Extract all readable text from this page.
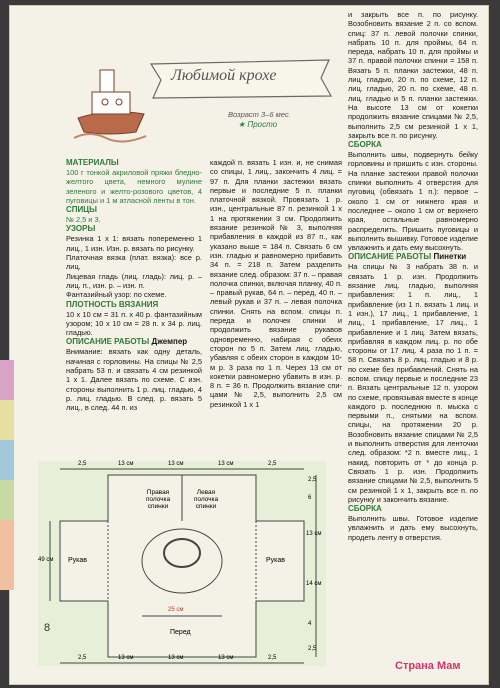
Любимой крохе
Возраст 3–6 мес.
★ Просто

МАТЕРИАЛЫ

100 г тонкой акриловой пряжи бледно-желтого цвета, немного мулине зеленого и желто-розового цветов, 4 пуговицы и 1 м атласной ленты в тон.

СПИЦЫ

№ 2,5 и 3.

УЗОРЫ

Резинка 1 х 1: вязать попеременно 1 лиц., 1 изн. Изн. р. вязать по рисунку.

Платочная вязка (плат. вязка): все р. лиц.

Лицевая гладь (лиц. гладь): лиц. р. – лиц. п., изн. р. – изн. п.

Фантазийный узор: по схеме.

ПЛОТНОСТЬ ВЯЗАНИЯ

10 х 10 см = 31 п. х 40 р. фантазийным узором; 10 х 10 см = 28 п. х 34 р. лиц. гладью.

ОПИСАНИЕ РАБОТЫ Джемпер

Внимание: вязать как одну деталь, начиная с горловины. На спицы № 2,5 набрать 53 п. и связать 4 см резинкой 1 х 1. Далее вязать по схеме. С изн. стороны выполнить 1 р. лиц. гладью, 4 р. лиц. гладью. В след. р. вязать 5 лиц., в след. 44 п. из

каждой п. вязать 1 изн. и, не снимая со спицы, 1 лиц., закончить 4 лиц. = 97 п. Для планки застежки вязать первые и последние 5 п. планки платочной вязкой. Провязать 1 р. изн., центральные 87 п. резинкой 1 х 1 на протяжении 3 см. Продолжить вязание резинкой № 3, выполняя прибавления в каждой из 87 п., как указано выше = 184 п. Связать 6 см изн. гладью и равномерно прибавить 34 п. = 218 п. Затем разделить вязание след. образом: 37 п. – правая полочка спинки, включая планку, 40 п. – правый рукав, 64 п. – перед, 40 п. – левый рукав и 37 п. – левая полочка спинки. Снять на вспом. спицы п. переда и полочек спинки и продолжить вязание рукавов одновременно, набирая с обеих сторон по 5 п. Затем лиц. гладью, убавляя с обеих сторон в каждом 10-м р. 3 раза по 1 п. Через 13 см от кокетки равномерно убавить в изн. р. 8 п. = 36 п. Продолжить вязание спи-цами № 2,5, выполнить 2,5 см резинкой 1 х 1

и закрыть все п. по рисунку. Возобновить вязание 2 п. со вспом. спиц: 37 п. левой полочки спинки, набрать 10 п. для проймы, 64 п. переда, набрать 10 п. для проймы и 37 п. правой полочки спинки = 158 п. Вязать 5 п. планки застежки, 48 п. лиц. гладью, 20 п. по схеме, 12 п. лиц. гладью, 20 п. по схеме, 48 п. лиц. гладью и 5 п. планки застежки. На высоте 13 см от кокетки продолжить вязание спицами № 2,5, выполнить 2,5 см резинкой 1 х 1, закрыть все п. по рисунку.

СБОРКА

Выполнить швы, подвернуть бейку горловины и пришить с изн. стороны. На планке застежки правой полочки спинки выполнить 4 отверстия для пуговиц (обвязать 1 п.): первое – около 1 см от нижнего края и последнее – около 1 см от верхнего края, остальные равномерно распределить. Пришить пуговицы и выполнить вышивку. Готовое изделие увлажнить и дать ему высохнуть.

ОПИСАНИЕ РАБОТЫ Пинетки

На спицы № 3 набрать 38 п. и связать 1 р. изн. Продолжить вязание лиц. гладью, выполняя прибавления: 1 п. лиц., 1 прибавление (из 1 п. вязать 1 лиц. и 1 изн.), 17 лиц., 1 прибавление, 1 лиц., 1 прибавление, 17 лиц., 1 прибавление и 1 лиц. Затем вязать, прибавляя в каждом лиц. р. по обе стороны от 17 лиц. 4 раза по 1 п. = 58 п. Связать 8 р. лиц. гладью и 8 р. по схеме без прибавлений. Снять на вспом. спицу первые и последние 23 п. Вязать центральные 12 п. узором по схеме, провязывая вместе в конце каждого р. последнюю п. мыска с первыми п., снятыми на вспом. спицы, на протяжении 20 р. Возобновить вязание спицами № 2,5 и выполнить отверстия для ленточки след. образом: *2 п. вместе лиц., 1 накид, повторить от * до конца р. Связать 1 р. изн. Продолжить вязание спицами № 2,5, выполнить 5 см резинкой 1 х 1, закрыть все п. по рисунку и закончить вязание.

СБОРКА

Выполнить швы. Готовое изделие увлажнить и дать ему высохнуть, продеть ленту в отверстия.

2,5	13 см	13 см	13 см	2,5
2,5
6
13 см
14 см
4
2,5
49 см
2,5	13 см	13 см	13 см	2,5
Правая полочка спинки
Левая полочка спинки
Рукав	Рукав
Перед
25 см
8
Страна Мам
